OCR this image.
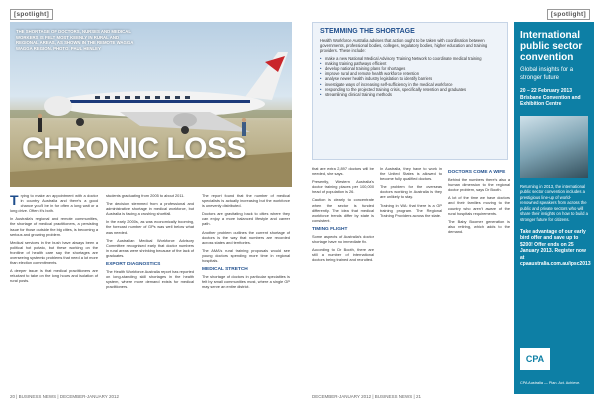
[spotlight]
THE SHORTAGE OF DOCTORS, NURSES AND MEDICAL WORKERS IS FELT MOST KEENLY IN RURAL AND REGIONAL AREAS, AS SHOWN IN THE REMOTE WAGGA WAGGA REGION. PHOTO: PAUL HENLEY
CHRONIC LOSS
T rying to make an appointment with a doctor in country Australia and there's a good chance you'll be in for often a long wait or a long drive. Often it's both.

In Australia's regional and remote communities, the shortage of medical practitioners, a persisting issue for those outside the big cities, is becoming a serious and growing problem.

Medical services in the bush have always been a political hot potato, but these working on the frontline of health care say the shortages are overseeing systemic problems that need a lot more than election commitments.

A deeper issue is that medical practitioners are reluctant to take on the long hours and isolation of rural posts.

students graduating from 2005 to about 2011.

The decision stemmed from a professional and administrative shortage in medical workforce, but Australia is facing a crushing shortfall.

In the early 2000s, as was economically booming, the forecast number of GPs was well below what was needed.

The Australian Medical Workforce Advisory Committee recognised early that doctor numbers in rural areas were shrinking because of the lack of graduates.

EXPORT DIAGNOSTICS

The Health Workforce Australia report has reported on long-standing skill shortages in the health system, where more demand exists for medical practitioners.

The report found that the number of medical specialists is actually increasing but the workforce is unevenly distributed.

Doctors are gravitating back to cities where they can enjoy a more balanced lifestyle and career path.

Another problem outlines the current shortage of doctors is the way that numbers are recorded across states and territories.

The AMA's rural training proposals would see young doctors spending more time in regional hospitals.

MEDICAL STRETCH

The shortage of doctors in particular specialties is felt by small communities most, where a single GP may serve an entire district.

20 | BUSINESS NEWS | DECEMBER-JANUARY 2012
[spotlight]
STEMMING THE SHORTAGE
Health Workforce Australia advises that action ought to be taken with coordination between governments, professional bodies, colleges, regulatory bodies, higher education and training providers. These include:
• make a new National Medical Advisory Training Network to coordinate medical training
• making training pathways efficient
• develop national training plans for shortages
• improve rural and remote health workforce retention
• analyse newer health industry legislation to identify barriers
• investigate ways of increasing self-sufficiency in the medical workforce
• responding to the projected training crisis, specifically retention and graduates
• streamlining clinical training methods

that are extra 2,897 doctors will be needed, she says.

Presently, Western Australia's doctor training places per 100,000 head of population is 26.

Caution is clearly to concentrate when the sector is funded differently. The idea that medical workforce trends differ by state is consistent.

TIMING FLIGHT

Some aspects of Australia's doctor shortage have no immediate fix.

According to Dr Booth, there are still a number of international doctors being trained and recruited.

In Australia, they have to work in the United States is allowed to become fully qualified doctors.

The problem for the overseas doctors working in Australia is they are unlikely to stay.

Training in WA: that there is a GP training program. The Regional Training Providers across the state.

DOCTORS COME A WIFE

Behind the numbers there's also a human dimension to the regional doctor problem, says Dr Booth.

A lot of the time we have doctors and their families moving to the country who aren't aware of the rural hospitals requirements.

The Baby Boomer generation is also retiring, which adds to the demand.

International public sector convention
Global insights for a stronger future
20 – 22 February 2013 Brisbane Convention and Exhibition Centre
Returning in 2013, the international public sector convention includes a prestigious line-up of world-renowned speakers from across the public and private sectors who will share their insights on how to build a stronger future for citizens.
Take advantage of our early bird offer and save up to $200! Offer ends on 25 January 2013. Register now at cpaaustralia.com.au/ipsc2013
CPA
CPA Australia — Plan. Act. Achieve.
DECEMBER-JANUARY 2012 | BUSINESS NEWS | 21
